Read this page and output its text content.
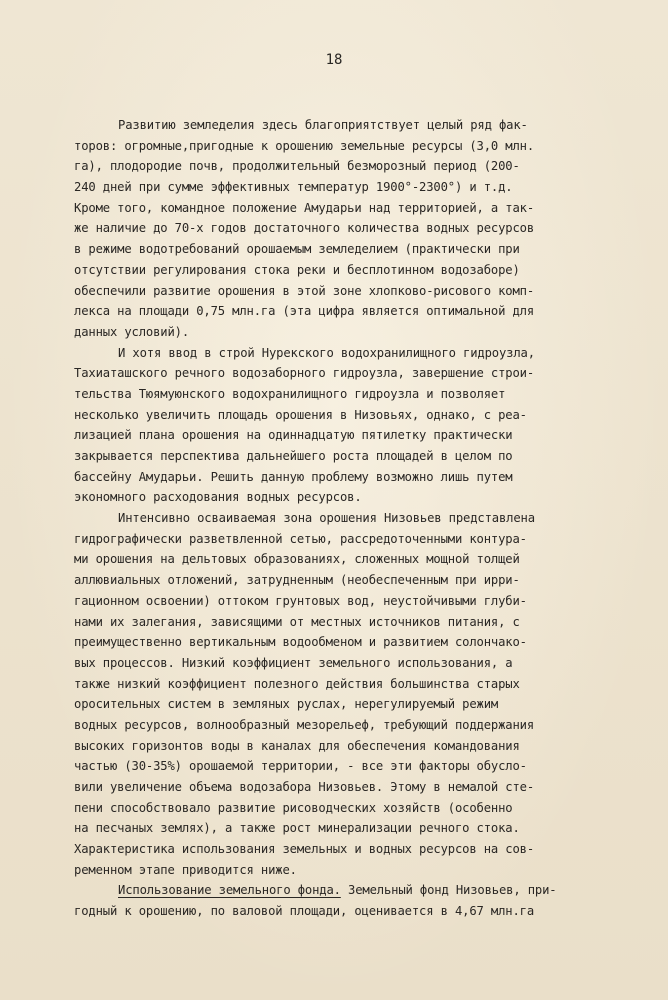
18
Развитию земледелия здесь благоприятствует целый ряд фак-
торов: огромные,пригодные к орошению земельные ресурсы (3,0 млн.
га), плодородие почв, продолжительный безморозный период (200-
240 дней при сумме эффективных температур 1900°-2300°) и т.д.
Кроме того, командное положение Амударьи над территорией, а так-
же наличие до 70-х годов достаточного количества водных ресурсов
в режиме водотребований орошаемым земледелием (практически при
отсутствии регулирования стока реки и бесплотинном водозаборе)
обеспечили развитие орошения в этой зоне хлопково-рисового комп-
лекса на площади 0,75 млн.га (эта цифра является оптимальной для
данных условий).
И хотя ввод в строй Нурекского водохранилищного гидроузла,
Тахиаташского речного водозаборного гидроузла, завершение строи-
тельства Тюямуюнского водохранилищного гидроузла и позволяет
несколько увеличить площадь орошения в Низовьях, однако, с реа-
лизацией плана орошения на одиннадцатую пятилетку практически
закрывается перспектива дальнейшего роста площадей в целом по
бассейну Амударьи. Решить данную проблему возможно лишь путем
экономного расходования водных ресурсов.
Интенсивно осваиваемая зона орошения Низовьев представлена
гидрографически разветвленной сетью, рассредоточенными контура-
ми орошения на дельтовых образованиях, сложенных мощной толщей
аллювиальных отложений, затрудненным (необеспеченным при ирри-
гационном освоении) оттоком грунтовых вод, неустойчивыми глуби-
нами их залегания, зависящими от местных источников питания, с
преимущественно вертикальным водообменом и развитием солончако-
вых процессов. Низкий коэффициент земельного использования, а
также низкий коэффициент полезного действия большинства старых
оросительных систем в земляных руслах, нерегулируемый режим
водных ресурсов, волнообразный мезорельеф, требующий поддержания
высоких горизонтов воды в каналах для обеспечения командования
частью (30-35%) орошаемой территории, - все эти факторы обусло-
вили увеличение объема водозабора Низовьев. Этому в немалой сте-
пени способствовало развитие рисоводческих хозяйств (особенно
на песчаных землях), а также рост минерализации речного стока.
Характеристика использования земельных и водных ресурсов на сов-
ременном этапе приводится ниже.
Использование земельного фонда. Земельный фонд Низовьев, при-
годный к орошению, по валовой площади, оценивается в 4,67 млн.га
